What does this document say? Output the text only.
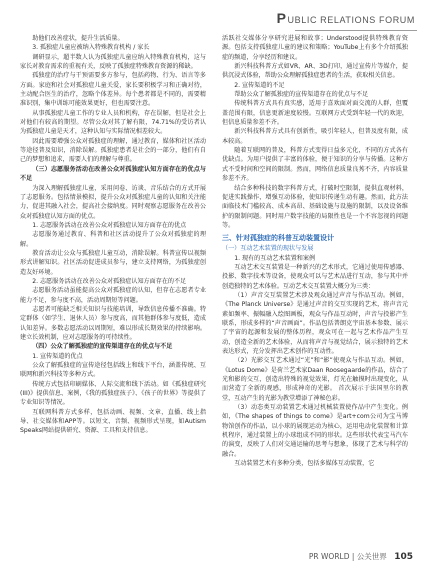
PUBLIC RELATIONS FORUM

助他们改善症状，提升生活质量。

3. 孤独症儿童应被纳入特殊教育机构 / 家长

调研显示，超半数人认为孤独症儿童应纳入特殊教育机构，这与家长对教育需求的重视有关，反映了孤独症特殊教育资源的稀缺。

孤独症的治疗与干预需要多方参与，包括药物、行为、语言等多方面。家庭和社会对孤独症儿童关爱，家长要积极学习和正确对待，主动配合医生的治疗，忽略个体差异。每个患者都是不同的，需要精准识别，集中训练可能效果更好，但也需要注意。

从事孤独症儿童工作的专业人员和机构，存在误解，但是社会上对他们有较高的期望。尽管公众对其了解有限，74.71%的受访者认为孤独症儿童是天才，这种认知与实际情况相差较大。

因此需要增强公众对孤独症的理解，通过教育，媒体和社区活动等途径普及知识，消除误解。孤独症患者是社会的一部分，他们有自己的梦想和追求，需要人们的理解与尊重。

（三）志愿服务活动在改善公众对孤独症认知方面存在的优点与不足

为深入理解孤独症儿童，采用问卷、访谈、音乐结合的方式开展了志愿服务。包括情景模拟，提升公众对孤独症儿童的认知和关注能力，促进其融入社会，提高社会接纳度。同时观察志愿服务在改善公众对孤独症认知方面的优点。

1. 志愿服务活动在改善公众对孤独症认知方面存在的优点

志愿服务通过教育、科普和社区活动提升了公众对孤独症的理解。

教育活动让公众与孤独症儿童互动，消除误解。科普宣传以视频形式讲解知识。社区活动促进成员参与，建立支持网络，为孤独症创造友好环境。

2. 志愿服务活动在改善公众对孤独症认知方面存在的不足

志愿服务活动虽能提高公众对孤独症的认知，但存在志愿者专业能力不足，参与度不高，活动周期短等问题。

志愿者可能缺乏相关知识与技能培训，导致信息传播不准确。特定群体（如学生、退休人员）参与度高，而其他群体参与度低，造成认知差异。多数志愿活动以周期短，难以形成长期效果的持续影响。建立长效机制，应对志愿服务的可持续性。

（四）公众了解孤独症的宣传渠道存在的优点与不足

1. 宣传渠道的优点

公众了解孤独症的宣传途径包括线上和线下平台，涵盖传统、互联网和新兴科技等多种方式。

传统方式包括印刷媒体、人际交流和线下活动。如《孤独症研究(III)》提供信息、案例，《我的孤独症孩子》、《孩子的世界》等提供了专业知识等情况。

互联网科普方式多样，包括动画、视频、文章，直播、线上指导、社交媒体和APP等。以短文、音频、视频形式呈现，如Autism Speaks网站提供研究、资源、工具和支持信息。

活跃社交媒体分享研究进展和故事；Understood提供特殊教育资源。包括支持孤独症儿童的建议和策略；YouTube上有多个介绍孤独症的频道，分享经历和建议。

新兴科技科普方式如VR、AR、3D打印，通过宣传片等媒介，提供沉浸式体验，帮助公众理解孤独症患者的生活，获取相关信息。

2. 宣传渠道的不足

帮助公众了解孤独症的宣传渠道存在的优点与不足

传统科普方式具有真实感，适用于喜欢面对面交流的人群，但覆盖范围有限，信息更新速度较慢。互联网方式受到年轻一代的欢迎，但信息质量参差不齐。

新兴科技科普方式具有创新性，吸引年轻人，但普及度有限，成本较高。

随着互联网的普及，科普方式变得日益多元化，不同的方式各有优缺点。为用户提供了丰富的体验，便于知识的分享与传播。这种方式不受时间和空间的限制。然而，网络信息质量良莠不齐，内容质量参差不齐。

结合多种科技的数字科普方式，打破时空限制，提供直观材料，促进实践操作，增强互动体验，使知识传递生动有趣。然而，此方法面临技术门槛较高、成本高昂、基础设施与设施的限制，以及设备维护的限制问题。同时用户数字技能的局限性也是一个不容忽视的问题等。

三、针对孤独症的科普互动装置设计

（一）互动艺术装置的现状与发展

1. 现有的互动艺术装置和案例

互动艺术交互装置是一种新兴的艺术形式，它通过使用传感器、投影、数字技术等设备，使观众可以与艺术品进行互动，参与其中并创造独特的艺术体验。互动艺术交互装置大概分为三类：

（1）声音交互装置艺术涉及观众通过声音与作品互动。例如，《The Planck Universe》是通过声音的交互实现的艺术，将声音元素如频率、振幅融入绘图画板，观众与作品互动时，声音与投影产生联系，形成多样的“声音画面”。作品包括普朗克宇宙基本参数、展示了宇宙的起源和发展的整体历程，观众可在一起与艺术作品产生互动，创造全新的艺术体验，从而将声音与视觉结合，展示独特的艺术表达形式，充分发挥出艺术创作的互动性。

（2）光影交互艺术通过“光”和“影”使观众与作品互动。例如，《Lotus Dome》是荷兰艺术家Daan Roosegaarde的作品，结合了光和影的交互，创造出特殊的视觉效果，灯光在触摸时出现变化，从而营造了全新的观感，形成神奇的光影。 首次展示于法国里尔的教堂，互动产生的光影为教堂增添了神秘色彩。

（3）动态类互动装置艺术通过机械装置使作品中产生变化。例如，《The shapes of things to come》是art+com公司为宝马博物馆创作的作品，以小球的展现运动为核心，运用电动化装置和计算机程序，通过装置上的小球组成不同的形状。这些形状代表宝马汽车的演变，反映了人们对交通运输的思考与想象，体现了艺术与科学的融合。

互动装置艺术有多种分类，包括多媒体互动装置，它

PR WORLD | 公关世界 105
